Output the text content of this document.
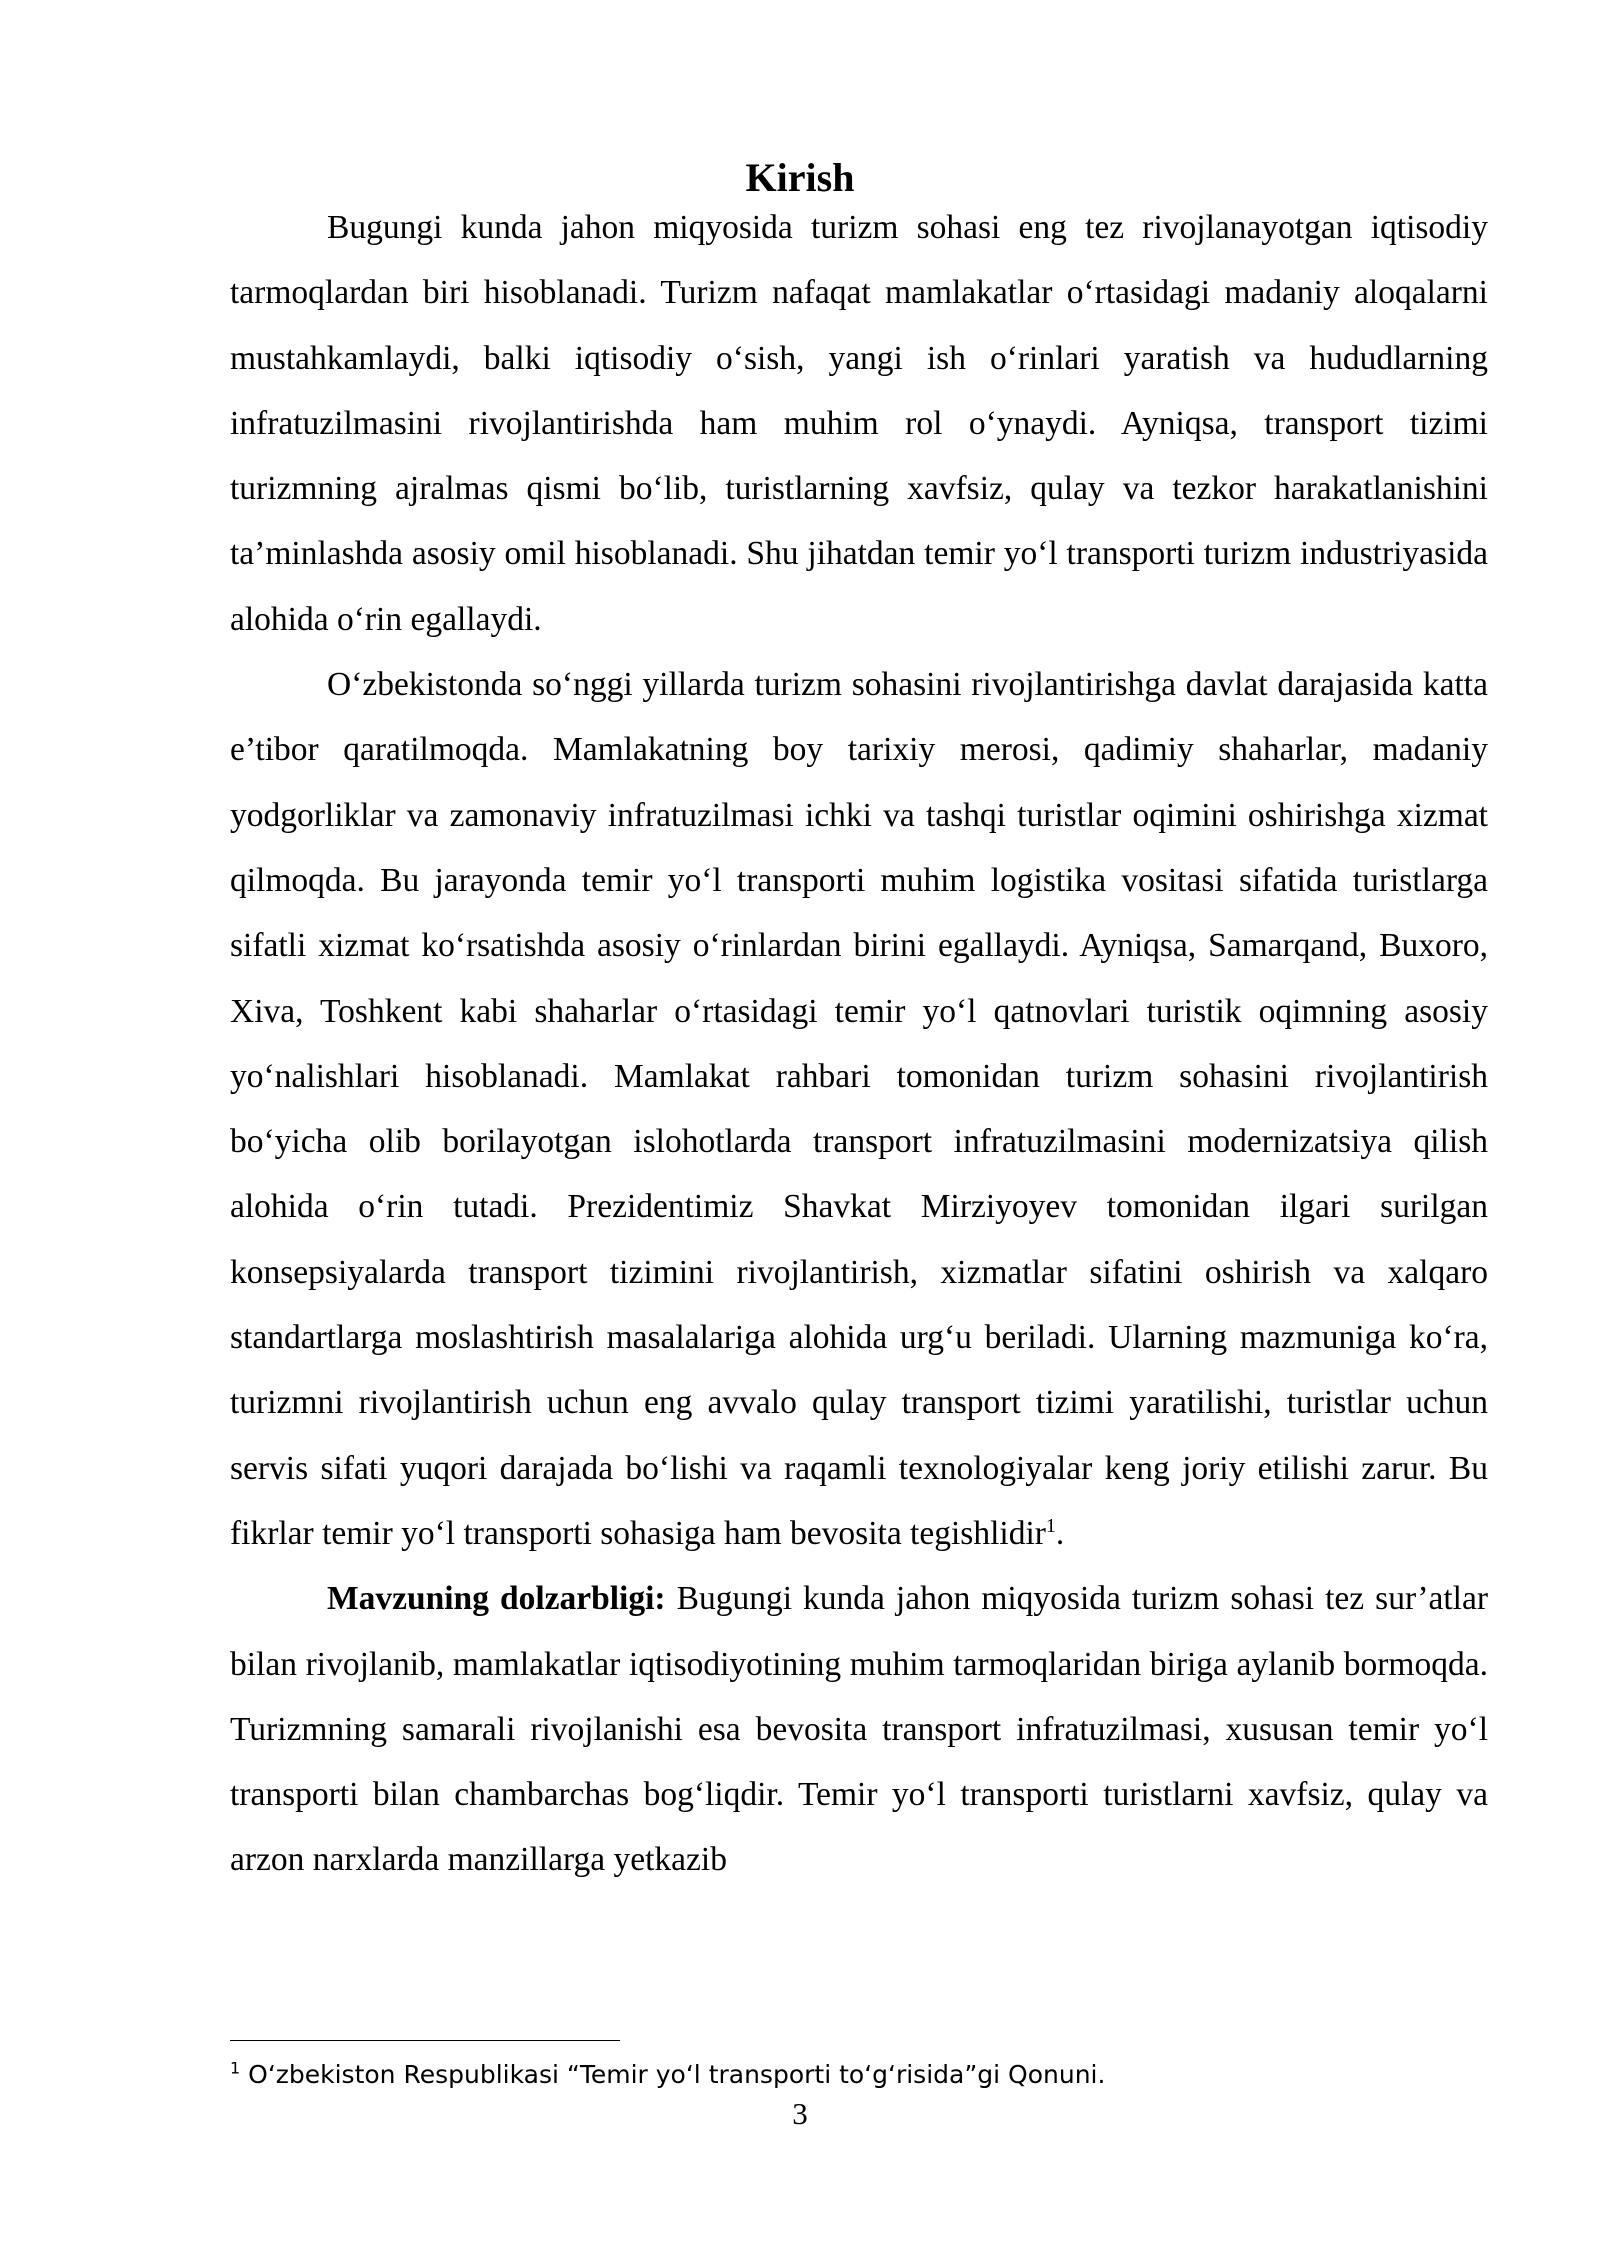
Kirish

Bugungi kunda jahon miqyosida turizm sohasi eng tez rivojlanayotgan iqtisodiy tarmoqlardan biri hisoblanadi. Turizm nafaqat mamlakatlar o‘rtasidagi madaniy aloqalarni mustahkamlaydi, balki iqtisodiy o‘sish, yangi ish o‘rinlari yaratish va hududlarning infratuzilmasini rivojlantirishda ham muhim rol o‘ynaydi. Ayniqsa, transport tizimi turizmning ajralmas qismi bo‘lib, turistlarning xavfsiz, qulay va tezkor harakatlanishini ta’minlashda asosiy omil hisoblanadi. Shu jihatdan temir yo‘l transporti turizm industriyasida alohida o‘rin egallaydi.

O‘zbekistonda so‘nggi yillarda turizm sohasini rivojlantirishga davlat darajasida katta e’tibor qaratilmoqda. Mamlakatning boy tarixiy merosi, qadimiy shaharlar, madaniy yodgorliklar va zamonaviy infratuzilmasi ichki va tashqi turistlar oqimini oshirishga xizmat qilmoqda. Bu jarayonda temir yo‘l transporti muhim logistika vositasi sifatida turistlarga sifatli xizmat ko‘rsatishda asosiy o‘rinlardan birini egallaydi. Ayniqsa, Samarqand, Buxoro, Xiva, Toshkent kabi shaharlar o‘rtasidagi temir yo‘l qatnovlari turistik oqimning asosiy yo‘nalishlari hisoblanadi. Mamlakat rahbari tomonidan turizm sohasini rivojlantirish bo‘yicha olib borilayotgan islohotlarda transport infratuzilmasini modernizatsiya qilish alohida o‘rin tutadi. Prezidentimiz Shavkat Mirziyoyev tomonidan ilgari surilgan konsepsiyalarda transport tizimini rivojlantirish, xizmatlar sifatini oshirish va xalqaro standartlarga moslashtirish masalalariga alohida urg‘u beriladi. Ularning mazmuniga ko‘ra, turizmni rivojlantirish uchun eng avvalo qulay transport tizimi yaratilishi, turistlar uchun servis sifati yuqori darajada bo‘lishi va raqamli texnologiyalar keng joriy etilishi zarur. Bu fikrlar temir yo‘l transporti sohasiga ham bevosita tegishlidir$^1$.

Mavzuning dolzarbligi: Bugungi kunda jahon miqyosida turizm sohasi tez sur’atlar bilan rivojlanib, mamlakatlar iqtisodiyotining muhim tarmoqlaridan biriga aylanib bormoqda. Turizmning samarali rivojlanishi esa bevosita transport infratuzilmasi, xususan temir yo‘l transporti bilan chambarchas bog‘liqdir. Temir yo‘l transporti turistlarni xavfsiz, qulay va arzon narxlarda manzillarga yetkazib

$^1$ O‘zbekiston Respublikasi “Temir yo‘l transporti to‘g‘risida”gi Qonuni.

3
